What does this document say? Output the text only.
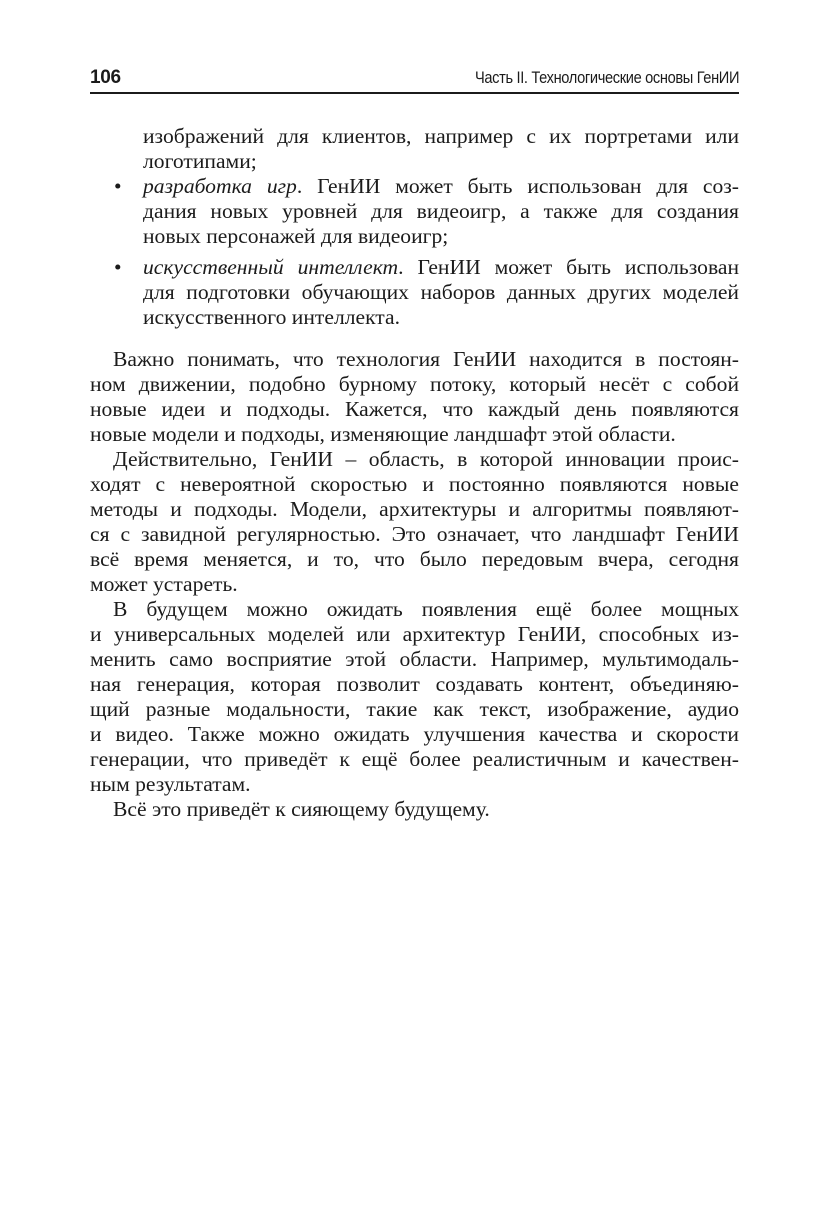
106	Часть II. Технологические основы ГенИИ
изображений для клиентов, например с их портретами или
логотипами;
• разработка игр. ГенИИ может быть использован для соз-
дания новых уровней для видеоигр, а также для создания
новых персонажей для видеоигр;
• искусственный интеллект. ГенИИ может быть использован
для подготовки обучающих наборов данных других моделей
искусственного интеллекта.
Важно понимать, что технология ГенИИ находится в постоян-
ном движении, подобно бурному потоку, который несёт с собой
новые идеи и подходы. Кажется, что каждый день появляются
новые модели и подходы, изменяющие ландшафт этой области.
Действительно, ГенИИ – область, в которой инновации проис-
ходят с невероятной скоростью и постоянно появляются новые
методы и подходы. Модели, архитектуры и алгоритмы появляют-
ся с завидной регулярностью. Это означает, что ландшафт ГенИИ
всё время меняется, и то, что было передовым вчера, сегодня
может устареть.
В будущем можно ожидать появления ещё более мощных
и универсальных моделей или архитектур ГенИИ, способных из-
менить само восприятие этой области. Например, мультимодаль-
ная генерация, которая позволит создавать контент, объединяю-
щий разные модальности, такие как текст, изображение, аудио
и видео. Также можно ожидать улучшения качества и скорости
генерации, что приведёт к ещё более реалистичным и качествен-
ным результатам.
Всё это приведёт к сияющему будущему.
